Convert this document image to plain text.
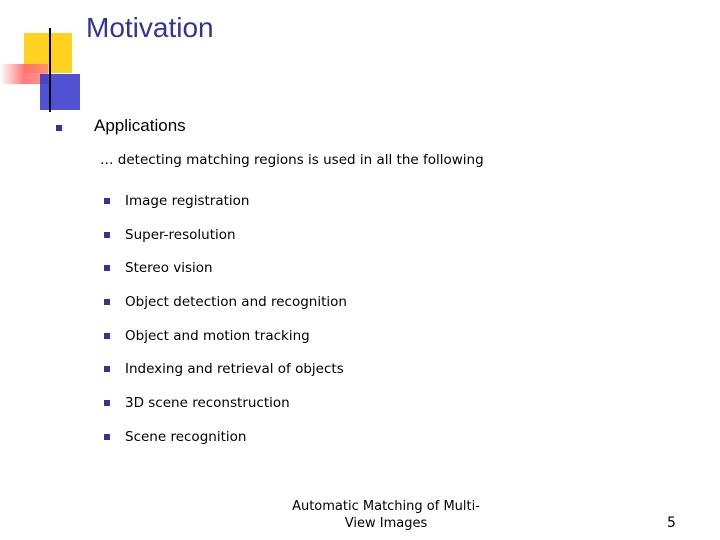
Motivation
Applications
… detecting matching regions is used in all the following
Image registration
Super-resolution
Stereo vision
Object detection and recognition
Object and motion tracking
Indexing and retrieval of objects
3D scene reconstruction
Scene recognition
Automatic Matching of Multi-View Images	5
